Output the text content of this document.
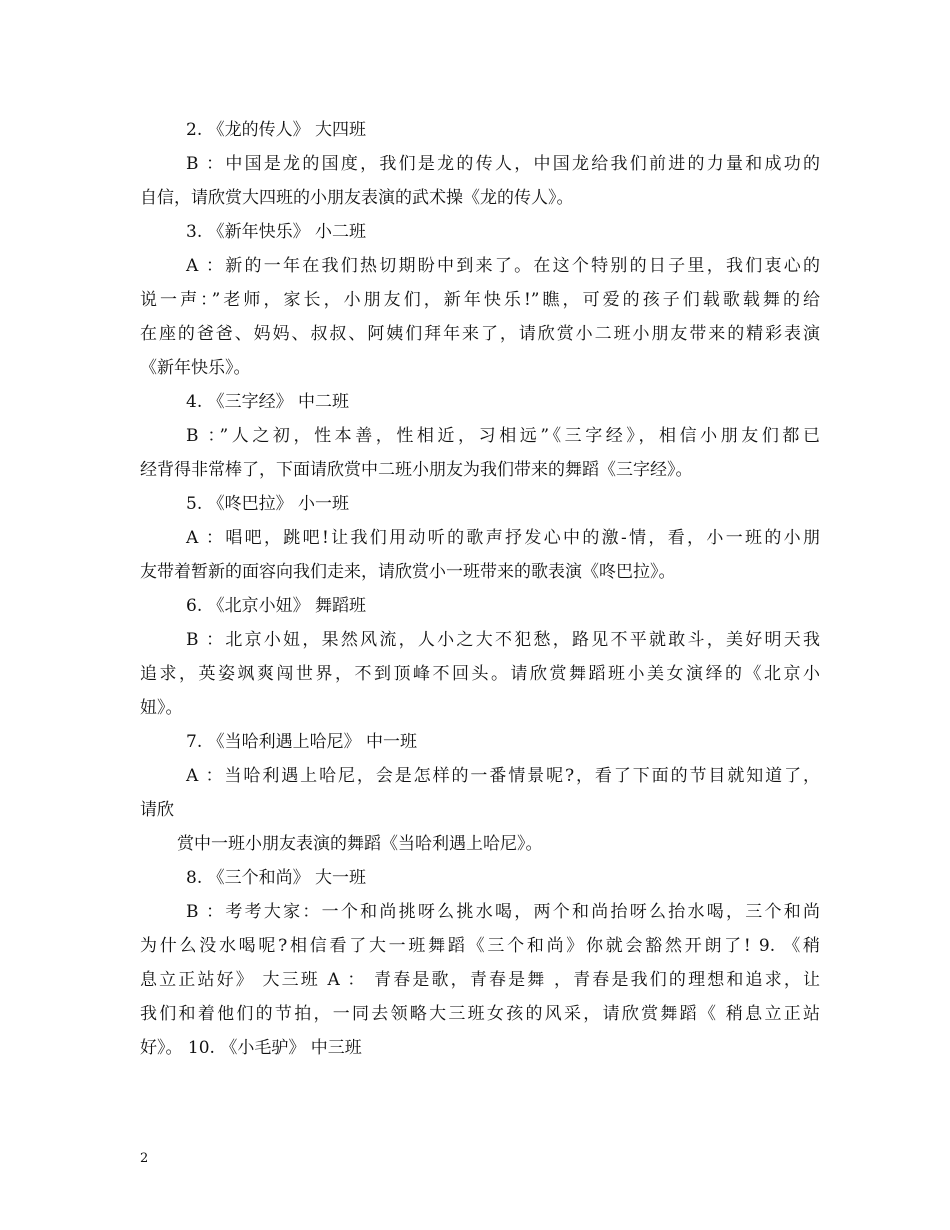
2. 《龙的传人》 大四班
B ：中国是龙的国度，我们是龙的传人，中国龙给我们前进的力量和成功的
自信，请欣赏大四班的小朋友表演的武术操《龙的传人》。
3. 《新年快乐》 小二班
A ：新的一年在我们热切期盼中到来了。在这个特别的日子里，我们衷心的
说一声：”老师，家长，小朋友们，新年快乐!”瞧，可爱的孩子们载歌载舞的给
在座的爸爸、妈妈、叔叔、阿姨们拜年来了，请欣赏小二班小朋友带来的精彩表演
《新年快乐》。
4. 《三字经》 中二班
B ：”人之初，性本善，性相近，习相远”《三字经》，相信小朋友们都已
经背得非常棒了，下面请欣赏中二班小朋友为我们带来的舞蹈《三字经》。
5. 《咚巴拉》 小一班
A ：唱吧，跳吧!让我们用动听的歌声抒发心中的激-情，看，小一班的小朋
友带着暂新的面容向我们走来，请欣赏小一班带来的歌表演《咚巴拉》。
6. 《北京小妞》 舞蹈班
B ：北京小妞，果然风流，人小之大不犯愁，路见不平就敢斗，美好明天我
追求，英姿飒爽闯世界，不到顶峰不回头。请欣赏舞蹈班小美女演绎的《北京小
妞》。
7. 《当哈利遇上哈尼》 中一班
A ：当哈利遇上哈尼，会是怎样的一番情景呢?，看了下面的节目就知道了，
请欣
赏中一班小朋友表演的舞蹈《当哈利遇上哈尼》。
8. 《三个和尚》 大一班
B ：考考大家：一个和尚挑呀么挑水喝，两个和尚抬呀么抬水喝，三个和尚
为什么没水喝呢?相信看了大一班舞蹈《三个和尚》你就会豁然开朗了! 9. 《稍
息立正站好》 大三班 A ： 青春是歌，青春是舞 ，青春是我们的理想和追求，让
我们和着他们的节拍，一同去领略大三班女孩的风采，请欣赏舞蹈《 稍息立正站
好》。 10. 《小毛驴》 中三班
2
